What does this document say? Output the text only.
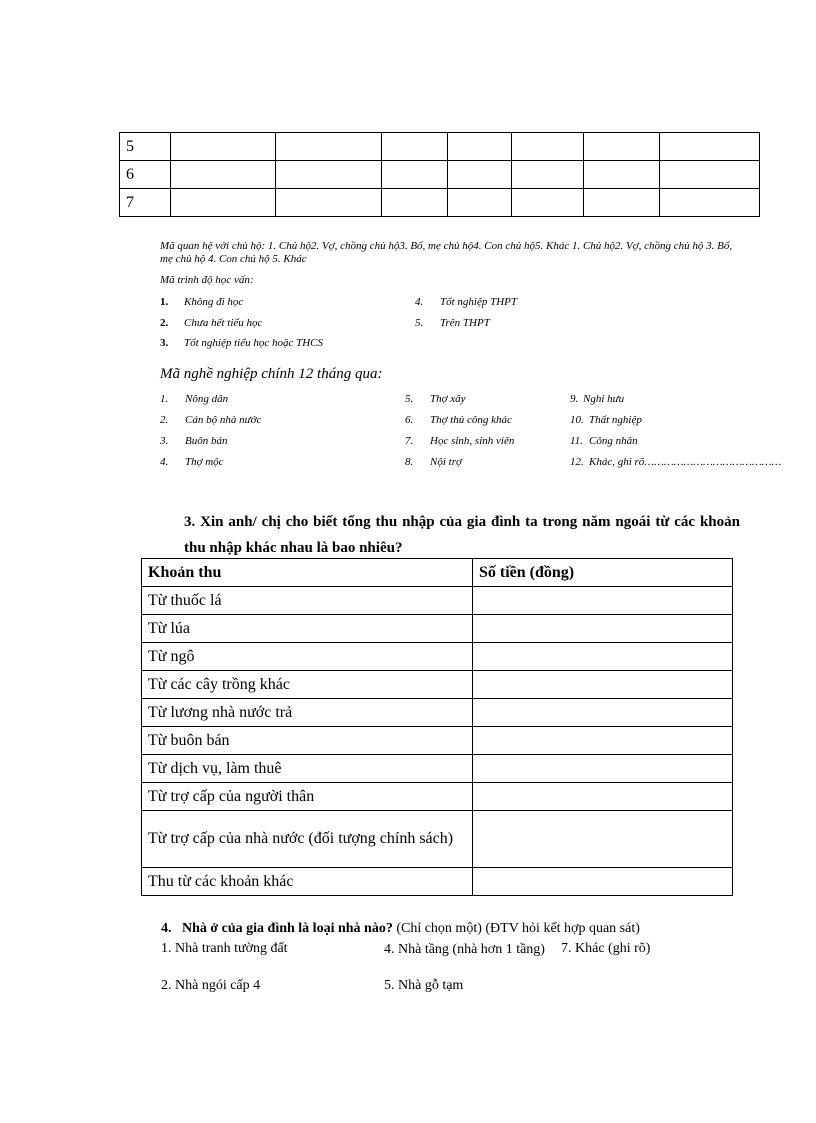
5							
6							
7							
Mã quan hệ với chủ hộ: 1. Chủ hộ2. Vợ, chồng chủ hộ3. Bố, mẹ chủ hộ4. Con chủ hộ5. Khác 1. Chủ hộ2. Vợ, chồng chủ hộ 3. Bố, mẹ chủ hộ 4. Con chủ hộ 5. Khác
Mã trình độ học vấn:
1. Không đi học
2. Chưa hết tiểu học
3. Tốt nghiệp tiểu học hoặc THCS
4. Tốt nghiệp THPT
5. Trên THPT
Mã nghề nghiệp chính 12 tháng qua:
1. Nông dân
2. Cán bộ nhà nước
3. Buôn bán
4. Thợ mộc
5. Thợ xây
6. Thợ thủ công khác
7. Học sinh, sinh viên
8. Nội trợ
9. Nghỉ hưu
10. Thất nghiệp
11. Công nhân
12. Khác, ghi rõ……………………………………
3. Xin anh/ chị cho biết tổng thu nhập của gia đình ta trong năm ngoái từ các khoản thu nhập khác nhau là bao nhiêu?
Khoản thu	Số tiền (đồng)
Từ thuốc lá	
Từ lúa	
Từ ngô	
Từ các cây trồng khác	
Từ lương nhà nước trả	
Từ buôn bán	
Từ dịch vụ, làm thuê	
Từ trợ cấp của người thân	
Từ trợ cấp của nhà nước (đối tượng chính sách)	
Thu từ các khoản khác	
4. Nhà ở của gia đình là loại nhà nào? (Chỉ chọn một) (ĐTV hỏi kết hợp quan sát)
1. Nhà tranh tường đất	4. Nhà tầng (nhà hơn 1 tầng)	7. Khác (ghi rõ)
2. Nhà ngói cấp 4	5. Nhà gỗ tạm
